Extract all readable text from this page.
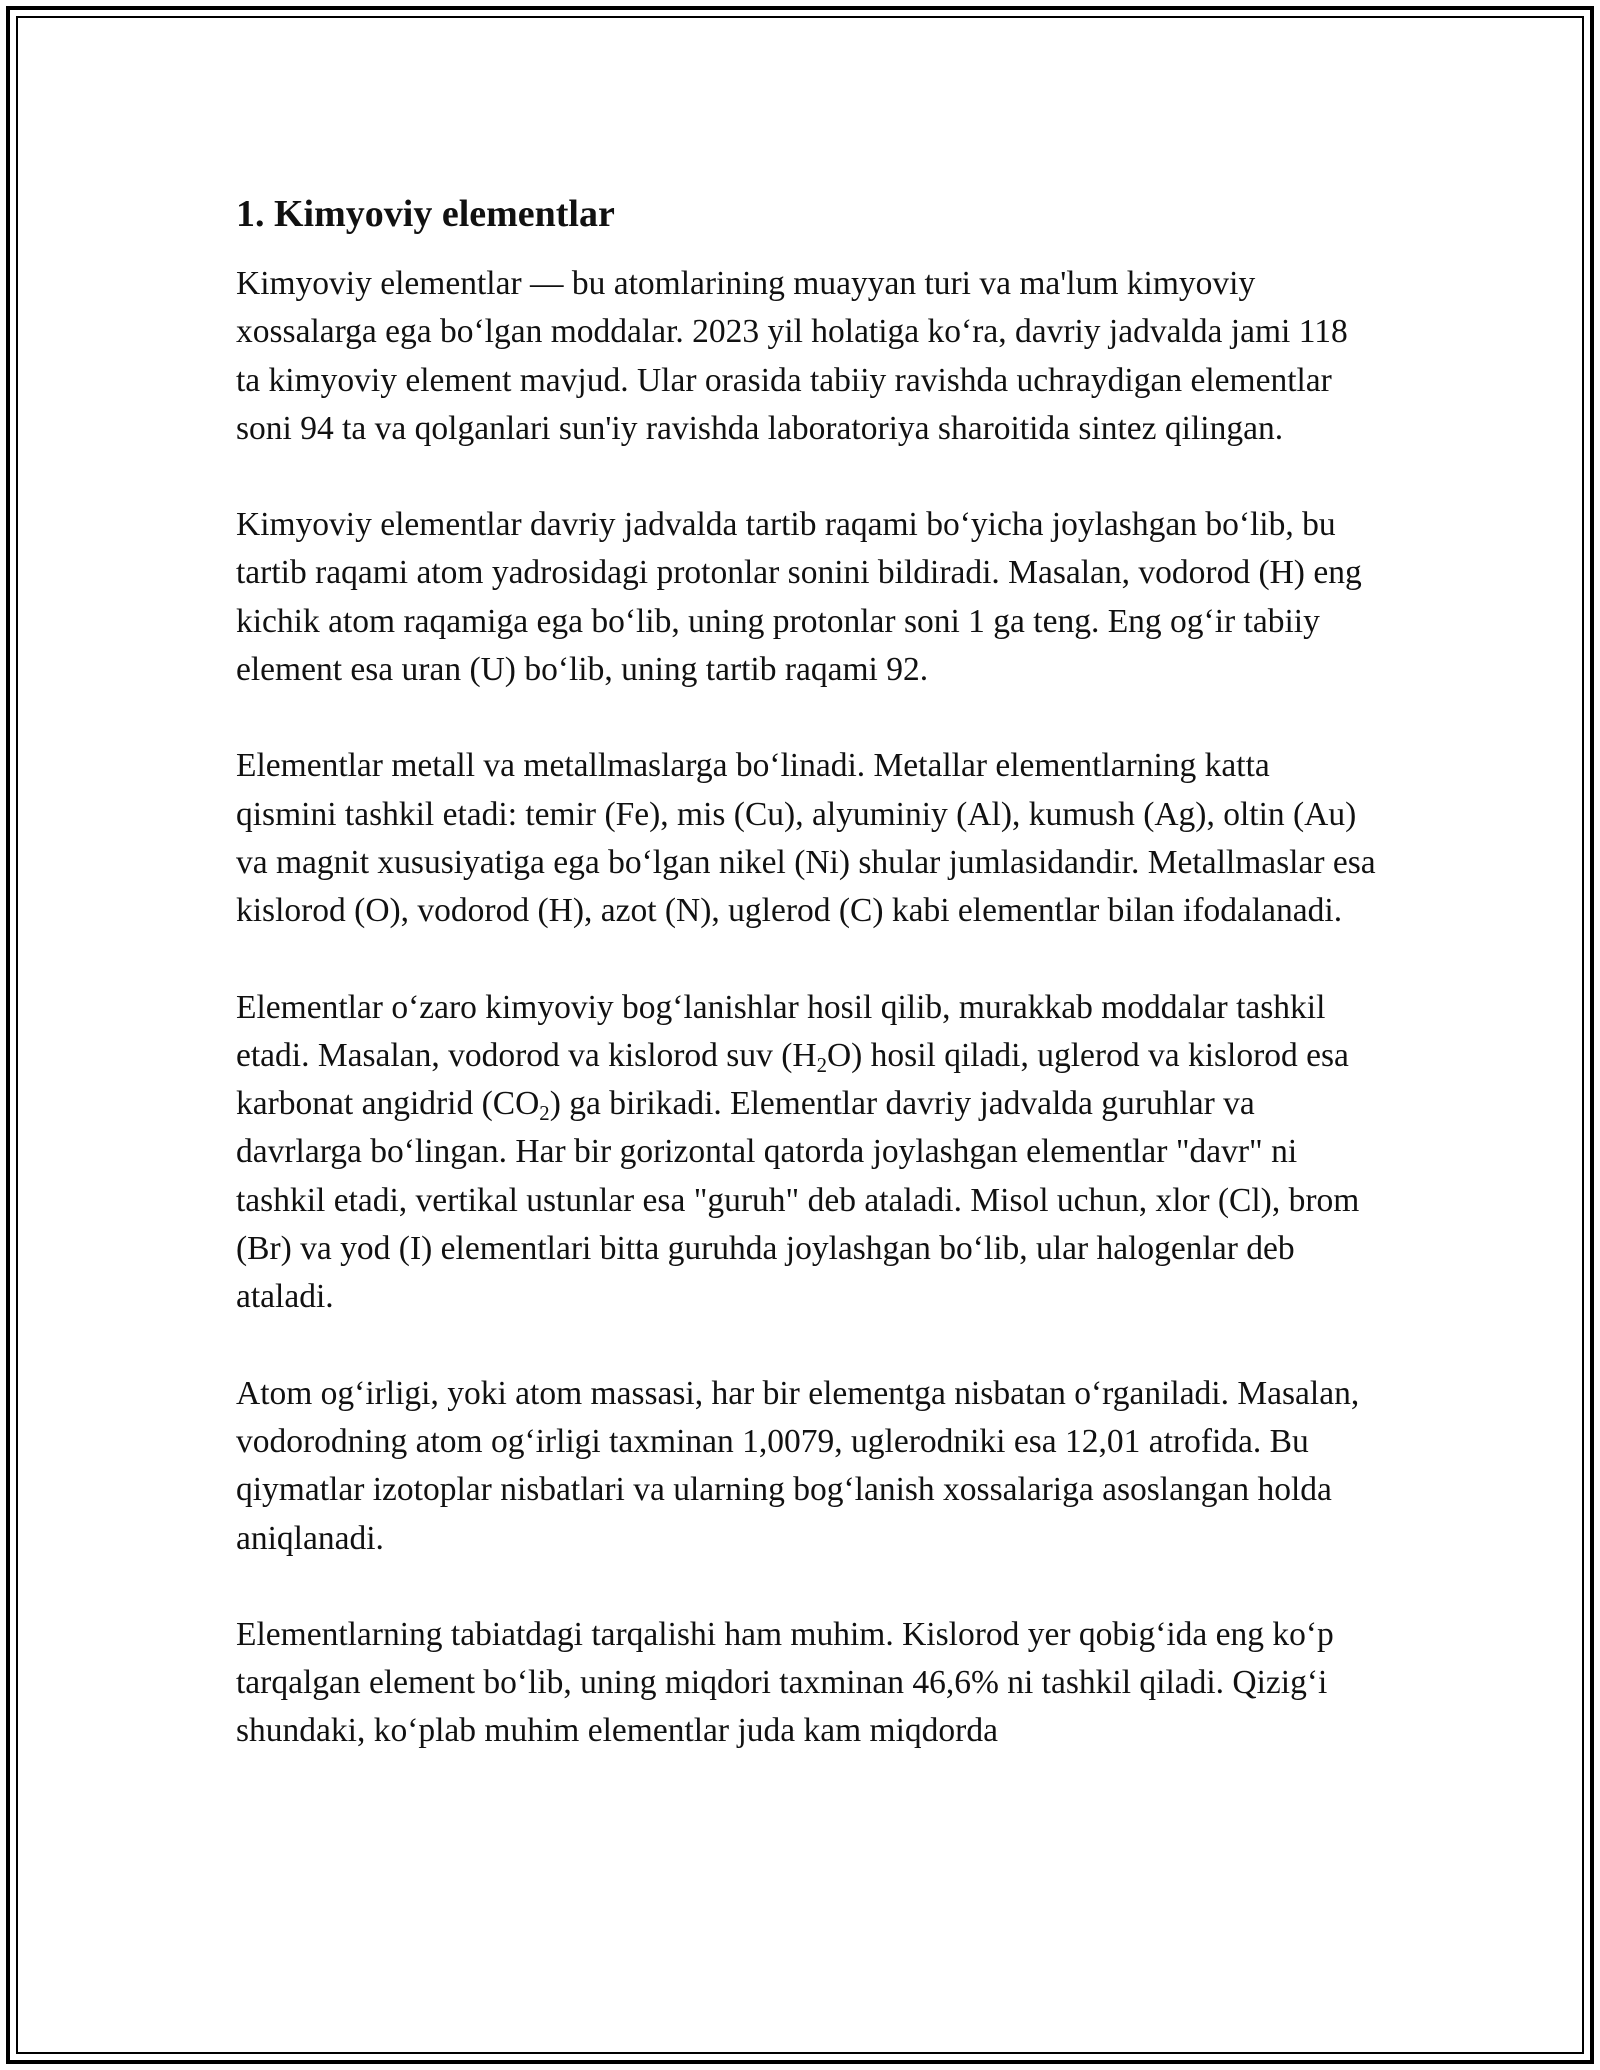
1. Kimyoviy elementlar

Kimyoviy elementlar — bu atomlarining muayyan turi va ma'lum kimyoviy xossalarga ega bo‘lgan moddalar. 2023 yil holatiga ko‘ra, davriy jadvalda jami 118 ta kimyoviy element mavjud. Ular orasida tabiiy ravishda uchraydigan elementlar soni 94 ta va qolganlari sun'iy ravishda laboratoriya sharoitida sintez qilingan.

Kimyoviy elementlar davriy jadvalda tartib raqami bo‘yicha joylashgan bo‘lib, bu tartib raqami atom yadrosidagi protonlar sonini bildiradi. Masalan, vodorod (H) eng kichik atom raqamiga ega bo‘lib, uning protonlar soni 1 ga teng. Eng og‘ir tabiiy element esa uran (U) bo‘lib, uning tartib raqami 92.

Elementlar metall va metallmaslarga bo‘linadi. Metallar elementlarning katta qismini tashkil etadi: temir (Fe), mis (Cu), alyuminiy (Al), kumush (Ag), oltin (Au) va magnit xususiyatiga ega bo‘lgan nikel (Ni) shular jumlasidandir. Metallmaslar esa kislorod (O), vodorod (H), azot (N), uglerod (C) kabi elementlar bilan ifodalanadi.

Elementlar o‘zaro kimyoviy bog‘lanishlar hosil qilib, murakkab moddalar tashkil etadi. Masalan, vodorod va kislorod suv $(H_2O)$ hosil qiladi, uglerod va kislorod esa karbonat angidrid $(CO_2)$ ga birikadi. Elementlar davriy jadvalda guruhlar va davrlarga bo‘lingan. Har bir gorizontal qatorda joylashgan elementlar "davr" ni tashkil etadi, vertikal ustunlar esa "guruh" deb ataladi. Misol uchun, xlor (Cl), brom (Br) va yod (I) elementlari bitta guruhda joylashgan bo‘lib, ular halogenlar deb ataladi.

Atom og‘irligi, yoki atom massasi, har bir elementga nisbatan o‘rganiladi. Masalan, vodorodning atom og‘irligi taxminan 1,0079, uglerodniki esa 12,01 atrofida. Bu qiymatlar izotoplar nisbatlari va ularning bog‘lanish xossalariga asoslangan holda aniqlanadi.

Elementlarning tabiatdagi tarqalishi ham muhim. Kislorod yer qobig‘ida eng ko‘p tarqalgan element bo‘lib, uning miqdori taxminan 46,6% ni tashkil qiladi. Qizig‘i shundaki, ko‘plab muhim elementlar juda kam miqdorda
